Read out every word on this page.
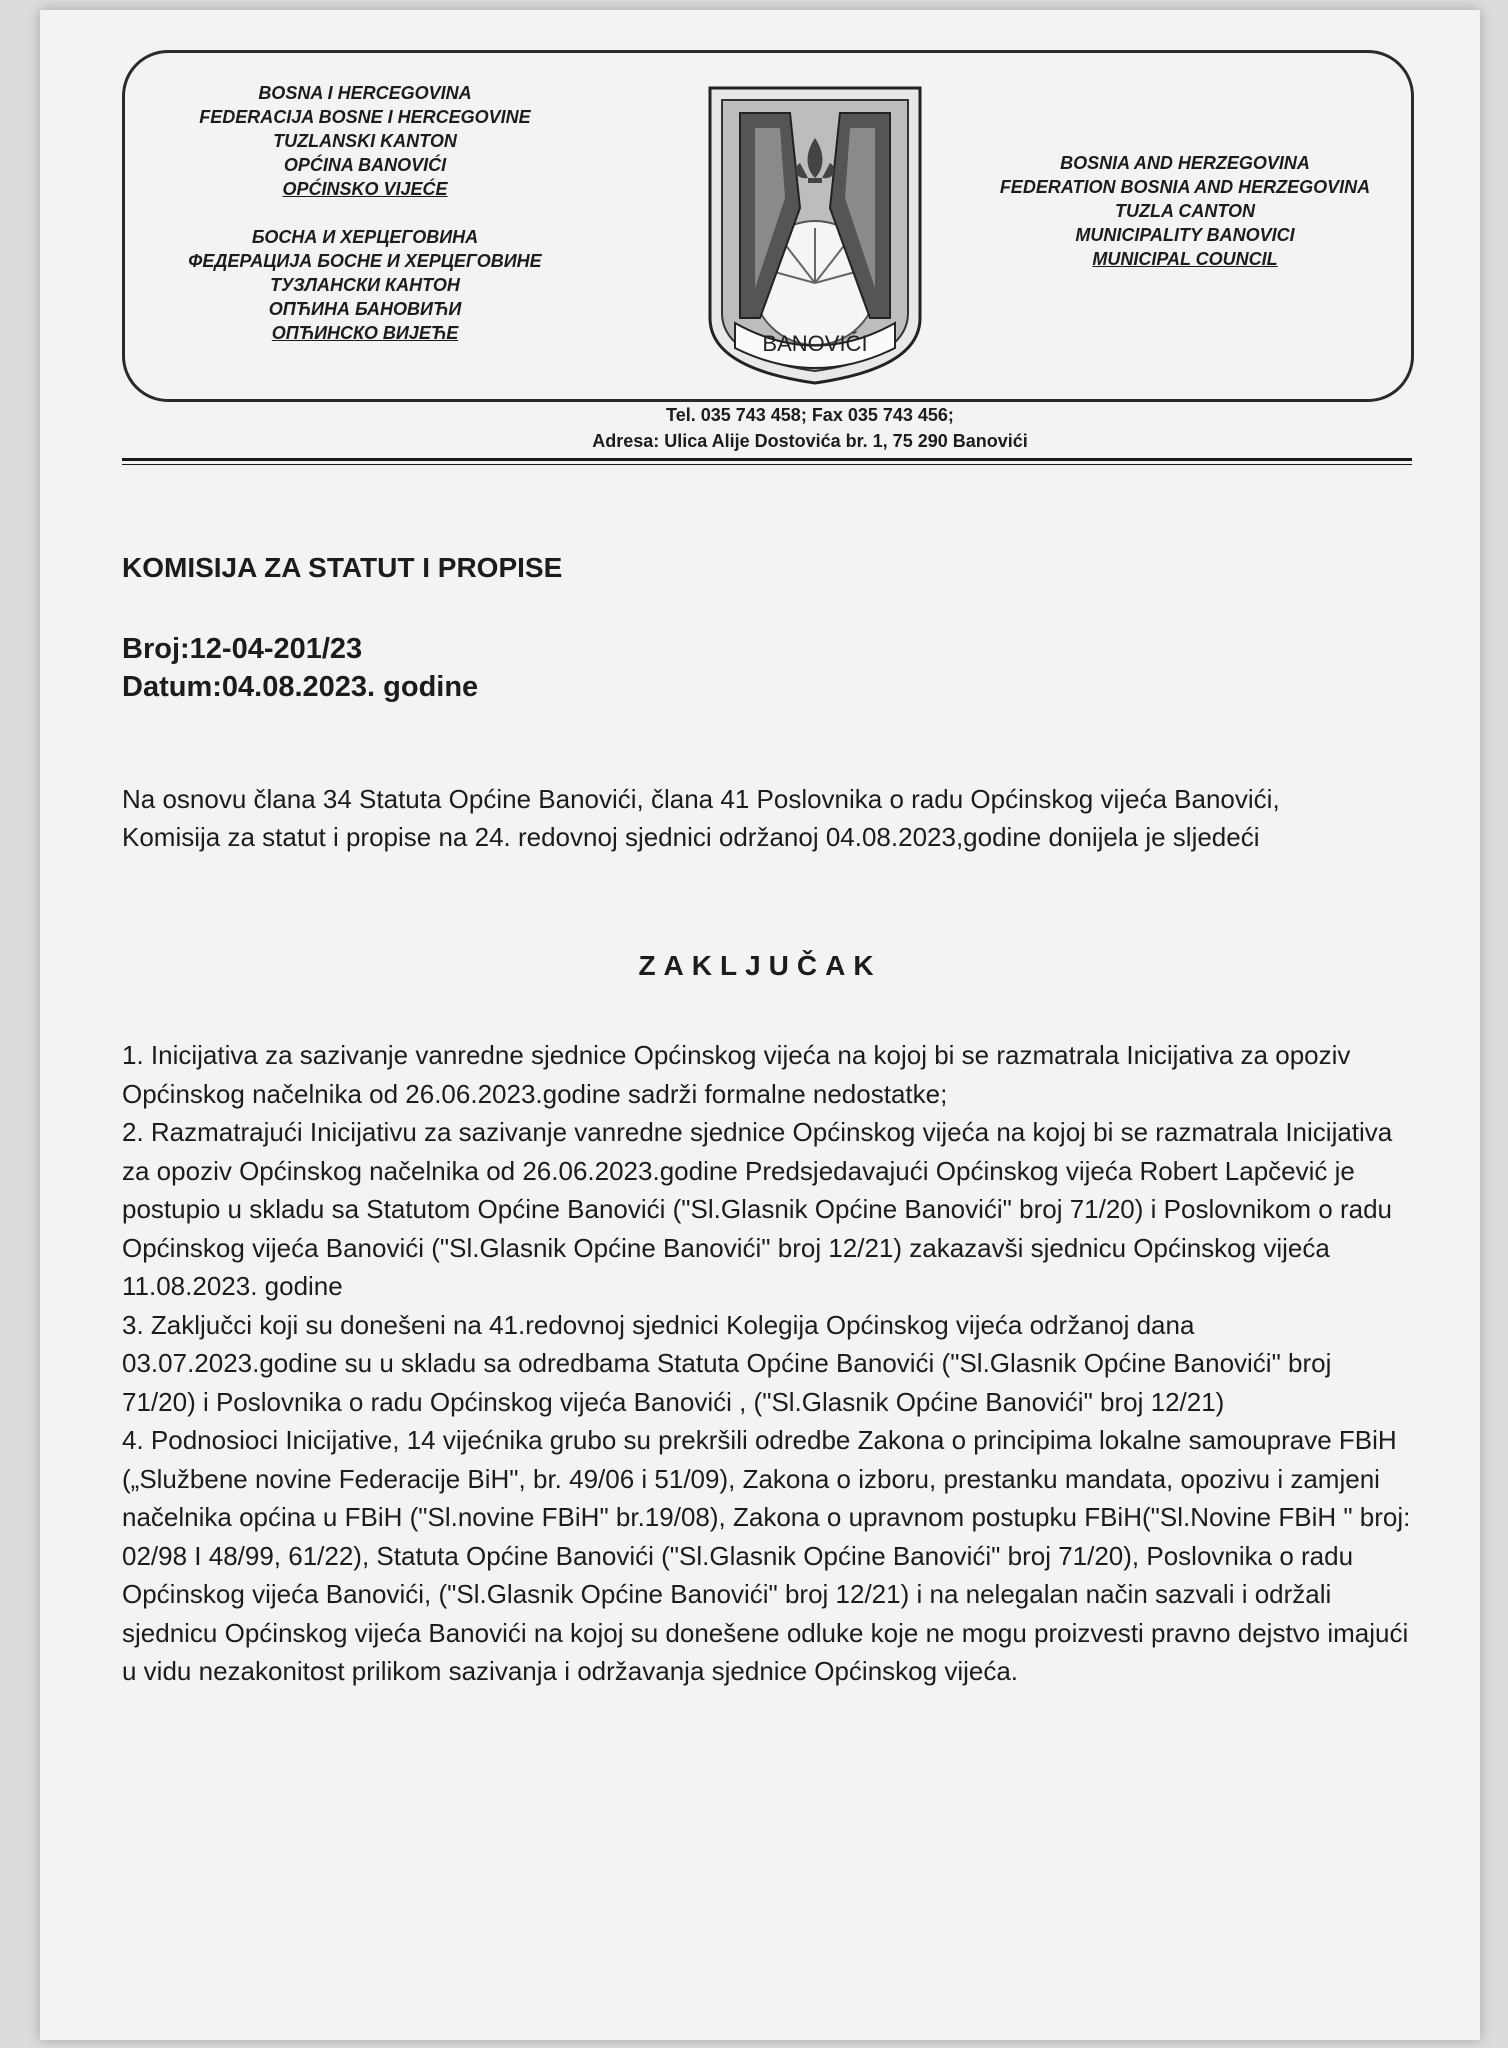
BOSNA I HERCEGOVINA
FEDERACIJA BOSNE I HERCEGOVINE
TUZLANSKI KANTON
OPĆINA BANOVIĆI
OPĆINSKO VIJEĆE
БОСНА И ХЕРЦЕГОВИНА
ФЕДЕРАЦИЈА БОСНЕ И ХЕРЦЕГОВИНЕ
ТУЗЛАНСКИ КАНТОН
ОПЋИНА БАНОВИЋИ
ОПЋИНСКО ВИЈЕЋЕ	BANOVIĆI
BOSNIA AND HERZEGOVINA
FEDERATION BOSNIA AND HERZEGOVINA
TUZLA CANTON
MUNICIPALITY BANOVICI
MUNICIPAL COUNCIL
Tel. 035 743 458; Fax 035 743 456;
Adresa: Ulica Alije Dostovića br. 1, 75 290 Banovići
KOMISIJA ZA STATUT I PROPISE
Broj:12-04-201/23
Datum:04.08.2023. godine
Na osnovu člana 34 Statuta Općine Banovići, člana 41 Poslovnika o radu Općinskog vijeća Banovići, Komisija za statut i propise na 24. redovnoj sjednici održanoj 04.08.2023,godine donijela je sljedeći
ZAKLJUČAK

1. Inicijativa za sazivanje vanredne sjednice Općinskog vijeća na kojoj bi se razmatrala Inicijativa za opoziv Općinskog načelnika od 26.06.2023.godine sadrži formalne nedostatke;

2. Razmatrajući Inicijativu za sazivanje vanredne sjednice Općinskog vijeća na kojoj bi se razmatrala Inicijativa za opoziv Općinskog načelnika od 26.06.2023.godine Predsjedavajući Općinskog vijeća Robert Lapčević je postupio u skladu sa Statutom Općine Banovići ("Sl.Glasnik Općine Banovići" broj 71/20) i Poslovnikom o radu Općinskog vijeća Banovići ("Sl.Glasnik Općine Banovići" broj 12/21) zakazavši sjednicu Općinskog vijeća 11.08.2023. godine

3. Zaključci koji su donešeni na 41.redovnoj sjednici Kolegija Općinskog vijeća održanoj dana 03.07.2023.godine su u skladu sa odredbama Statuta Općine Banovići ("Sl.Glasnik Općine Banovići" broj 71/20) i Poslovnika o radu Općinskog vijeća Banovići , ("Sl.Glasnik Općine Banovići" broj 12/21)

4. Podnosioci Inicijative, 14 vijećnika grubo su prekršili odredbe Zakona o principima lokalne samouprave FBiH („Službene novine Federacije BiH", br. 49/06 i 51/09), Zakona o izboru, prestanku mandata, opozivu i zamjeni načelnika općina u FBiH ("Sl.novine FBiH" br.19/08), Zakona o upravnom postupku FBiH("Sl.Novine FBiH " broj: 02/98 I 48/99, 61/22), Statuta Općine Banovići ("Sl.Glasnik Općine Banovići" broj 71/20), Poslovnika o radu Općinskog vijeća Banovići, ("Sl.Glasnik Općine Banovići" broj 12/21) i na nelegalan način sazvali i održali sjednicu Općinskog vijeća Banovići na kojoj su donešene odluke koje ne mogu proizvesti pravno dejstvo imajući u vidu nezakonitost prilikom sazivanja i održavanja sjednice Općinskog vijeća.
